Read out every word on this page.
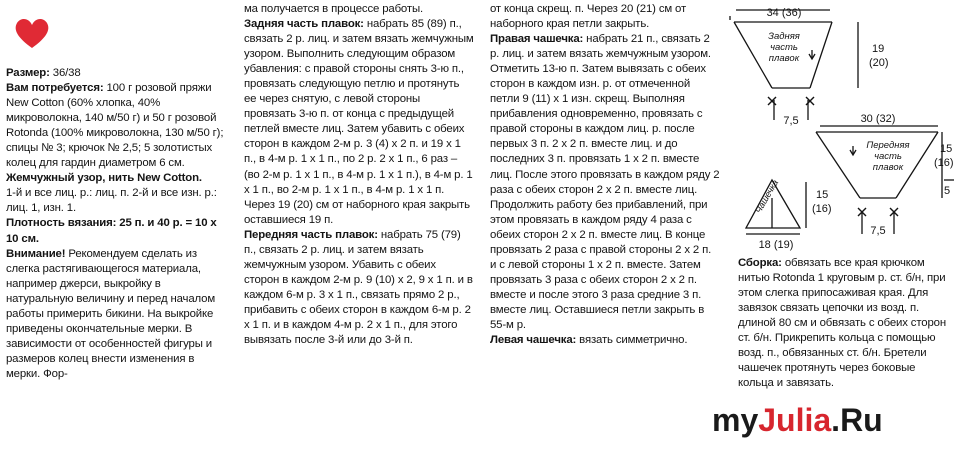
Размер: 36/38

Вам потребуется: 100 г розовой пряжи New Cotton (60% хлопка, 40% микроволокна, 140 м/50 г) и 50 г розовой Rotonda (100% микроволокна, 130 м/50 г); спицы № 3; крючок № 2,5; 5 золотистых колец для гардин диаметром 6 см.

Жемчужный узор, нить New Cotton.

1-й и все лиц. р.: лиц. п. 2-й и все изн. р.: лиц. 1, изн. 1.

Плотность вязания: 25 п. и 40 р. = 10 х 10 см.

Внимание! Рекомендуем сделать из слегка растягивающегося материала, например джерси, выкройку в натуральную величину и перед началом работы примерить бикини. На выкройке приведены окончательные мерки. В зависимости от особенностей фигуры и размеров колец внести изменения в мерки. Фор-

ма получается в процессе работы.

Задняя часть плавок: набрать 85 (89) п., связать 2 р. лиц. и затем вязать жемчужным узором. Выполнить следующим образом убавления: с правой стороны снять 3-ю п., провязать следующую петлю и протянуть ее через снятую, с левой стороны провязать 3-ю п. от конца с предыдущей петлей вместе лиц. Затем убавить с обеих сторон в каждом 2-м р. 3 (4) х 2 п. и 19 х 1 п., в 4-м р. 1 х 1 п., по 2 р. 2 х 1 п., 6 раз – (во 2-м р. 1 х 1 п., в 4-м р. 1 х 1 п.), в 4-м р. 1 х 1 п., во 2-м р. 1 х 1 п., в 4-м р. 1 х 1 п. Через 19 (20) см от наборного края закрыть оставшиеся 19 п.

Передняя часть плавок: набрать 75 (79) п., связать 2 р. лиц. и затем вязать жемчужным узором. Убавить с обеих сторон в каждом 2-м р. 9 (10) х 2, 9 х 1 п. и в каждом 6-м р. 3 х 1 п., связать прямо 2 р., прибавить с обеих сторон в каждом 6-м р. 2 х 1 п. и в каждом 4-м р. 2 х 1 п., для этого вывязать после 3-й или до 3-й п.

от конца скрещ. п. Через 20 (21) см от наборного края петли закрыть.

Правая чашечка: набрать 21 п., связать 2 р. лиц. и затем вязать жемчужным узором. Отметить 13-ю п. Затем вывязать с обеих сторон в каждом изн. р. от отмеченной петли 9 (11) х 1 изн. скрещ. Выполняя прибавления одновременно, провязать с правой стороны в каждом лиц. р. после первых 3 п. 2 х 2 п. вместе лиц. и до последних 3 п. провязать 1 х 2 п. вместе лиц. После этого провязать в каждом ряду 2 раза с обеих сторон 2 х 2 п. вместе лиц. Продолжить работу без прибавлений, при этом провязать в каждом ряду 4 раза с обеих сторон 2 х 2 п. вместе лиц. В конце провязать 2 раза с правой стороны 2 х 2 п. и с левой стороны 1 х 2 п. вместе. Затем провязать 3 раза с обеих сторон 2 х 2 п. вместе и после этого 3 раза средние 3 п. вместе лиц. Оставшиеся петли закрыть в 55-м р.

Левая чашечка: вязать симметрично.

Сборка: обвязать все края крючком нитью Rotonda 1 круговым р. ст. б/н, при этом слегка припосаживая края. Для завязок связать цепочки из возд. п. длиной 80 см и обвязать с обеих сторон ст. б/н. Прикрепить кольца с помощью возд. п., обвязанных ст. б/н. Бретели чашечек протянуть через боковые кольца и завязать.

34 (36)
Задняя
часть
плавок
19
(20)
7,5	30 (32)
Передняя
часть
плавок
15
(16)
5
7,5
Чашечка	15
(16)
18 (19)
myJulia.Ru
